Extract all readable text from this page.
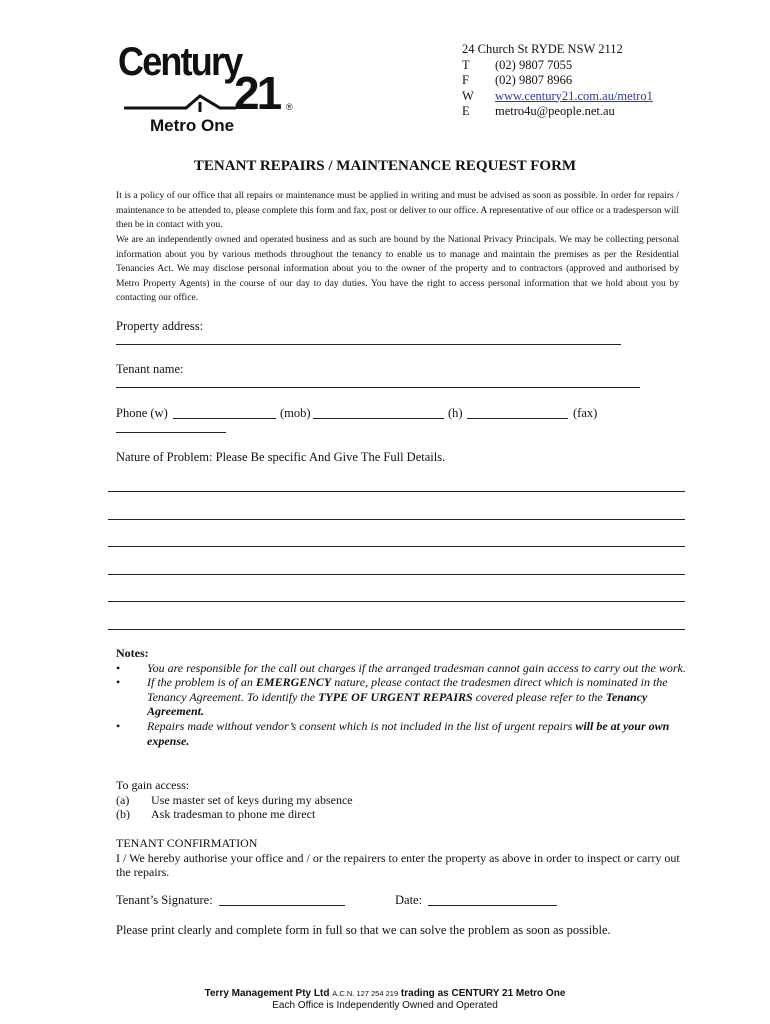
Century
21 ®
Metro One
24 Church St RYDE NSW 2112
T	(02) 9807 7055
F	(02) 9807 8966
W	www.century21.com.au/metro1
E	metro4u@people.net.au
TENANT REPAIRS / MAINTENANCE REQUEST FORM
It is a policy of our office that all repairs or maintenance must be applied in writing and must be advised as soon as possible. In order for repairs / maintenance to be attended to, please complete this form and fax, post or deliver to our office. A representative of our office or a tradesperson will then be in contact with you.
We are an independently owned and operated business and as such are bound by the National Privacy Principals. We may be collecting personal information about you by various methods throughout the tenancy to enable us to manage and maintain the premises as per the Residential Tenancies Act. We may disclose personal information about you to the owner of the property and to contractors (approved and authorised by Metro Property Agents) in the course of our day to day duties. You have the right to access personal information that we hold about you by contacting our office.
Property address:
Tenant name:
Phone (w)	(mob)	(h)	(fax)
Nature of Problem: Please Be specific And Give The Full Details.
Notes:
• You are responsible for the call out charges if the arranged tradesman cannot gain access to carry out the work.
• If the problem is of an EMERGENCY nature, please contact the tradesmen direct which is nominated in the Tenancy Agreement. To identify the TYPE OF URGENT REPAIRS covered please refer to the Tenancy Agreement.
• Repairs made without vendor’s consent which is not included in the list of urgent repairs will be at your own expense.
To gain access:
(a)	Use master set of keys during my absence
(b)	Ask tradesman to phone me direct
TENANT CONFIRMATION
I / We hereby authorise your office and / or the repairers to enter the property as above in order to inspect or carry out the repairs.
Tenant’s Signature:	Date:
Please print clearly and complete form in full so that we can solve the problem as soon as possible.
Terry Management Pty Ltd A.C.N. 127 254 219 trading as CENTURY 21 Metro One
Each Office is Independently Owned and Operated
